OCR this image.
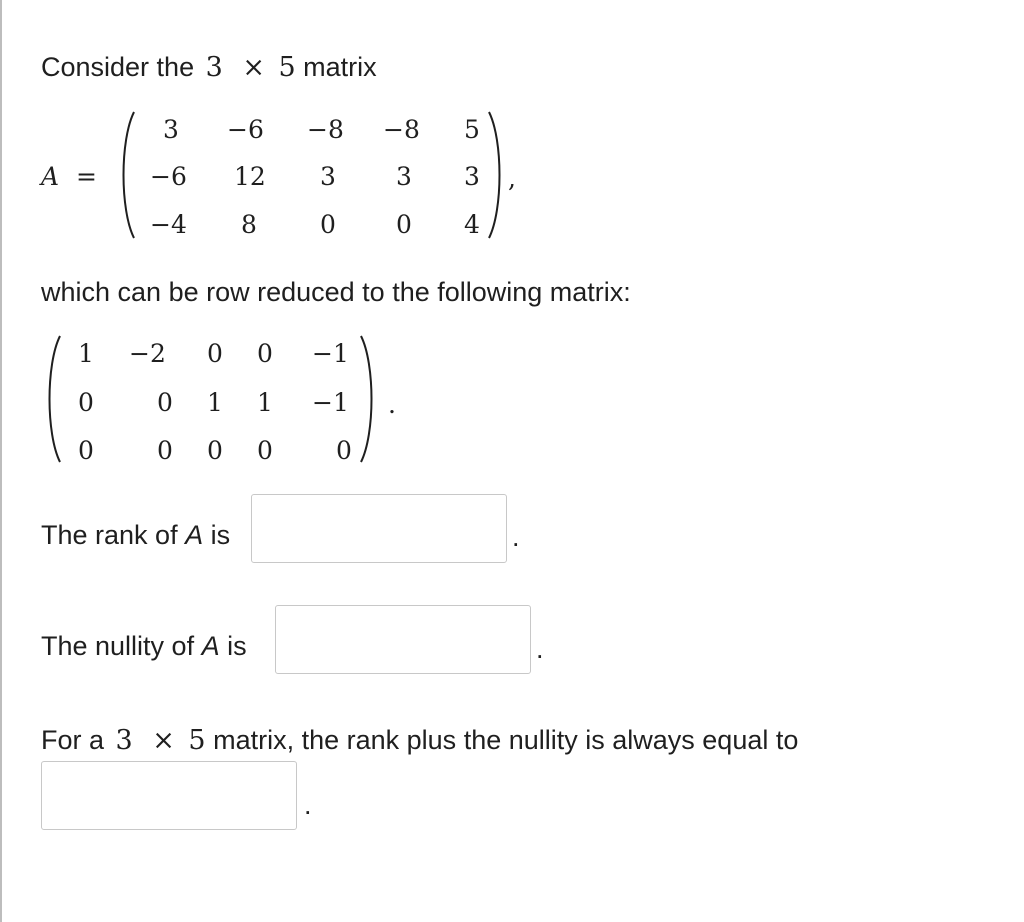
Consider the 3 × 5 matrix
A =
3 −6 −8 −8 5
−6 12 3 3 3
−4 8	0 0 4
,
which can be row reduced to the following matrix:
1 −2 0 0 −1
0	0 1 1 −1
0	0 0 0	0
.
The rank of A is	.
The nullity of A is	.
For a 3 × 5 matrix, the rank plus the nullity is always equal to
.
